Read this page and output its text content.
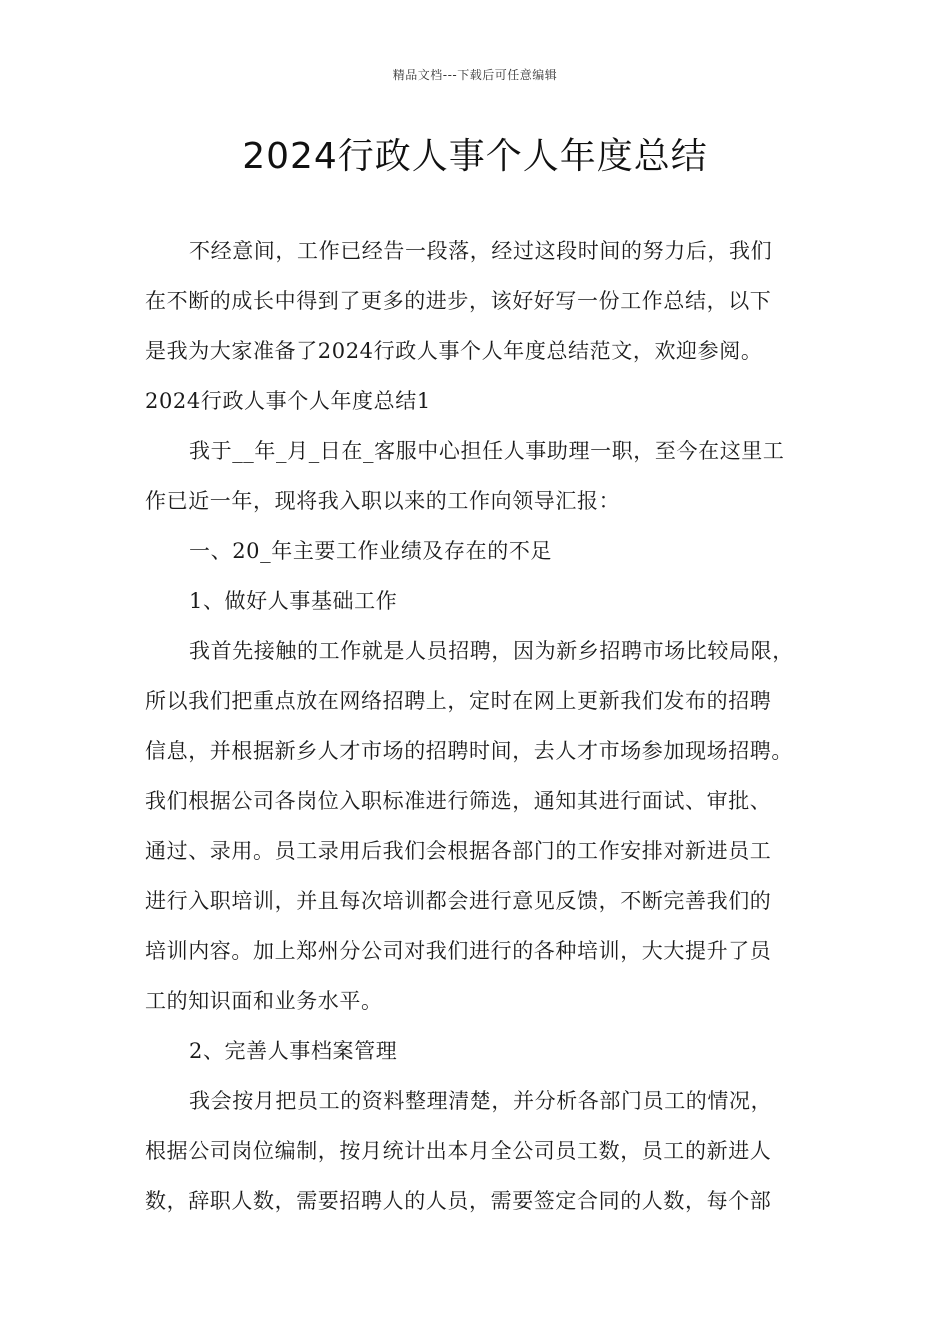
精品文档---下载后可任意编辑
2024行政人事个人年度总结
不经意间，工作已经告一段落，经过这段时间的努力后，我们
在不断的成长中得到了更多的进步，该好好写一份工作总结，以下
是我为大家准备了2024行政人事个人年度总结范文，欢迎参阅。
2024行政人事个人年度总结1
我于__年_月_日在_客服中心担任人事助理一职，至今在这里工
作已近一年，现将我入职以来的工作向领导汇报：
一、20_年主要工作业绩及存在的不足
1、做好人事基础工作
我首先接触的工作就是人员招聘，因为新乡招聘市场比较局限，
所以我们把重点放在网络招聘上，定时在网上更新我们发布的招聘
信息，并根据新乡人才市场的招聘时间，去人才市场参加现场招聘。
我们根据公司各岗位入职标准进行筛选，通知其进行面试、审批、
通过、录用。员工录用后我们会根据各部门的工作安排对新进员工
进行入职培训，并且每次培训都会进行意见反馈，不断完善我们的
培训内容。加上郑州分公司对我们进行的各种培训，大大提升了员
工的知识面和业务水平。
2、完善人事档案管理
我会按月把员工的资料整理清楚，并分析各部门员工的情况，
根据公司岗位编制，按月统计出本月全公司员工数，员工的新进人
数，辞职人数，需要招聘人的人员，需要签定合同的人数，每个部
